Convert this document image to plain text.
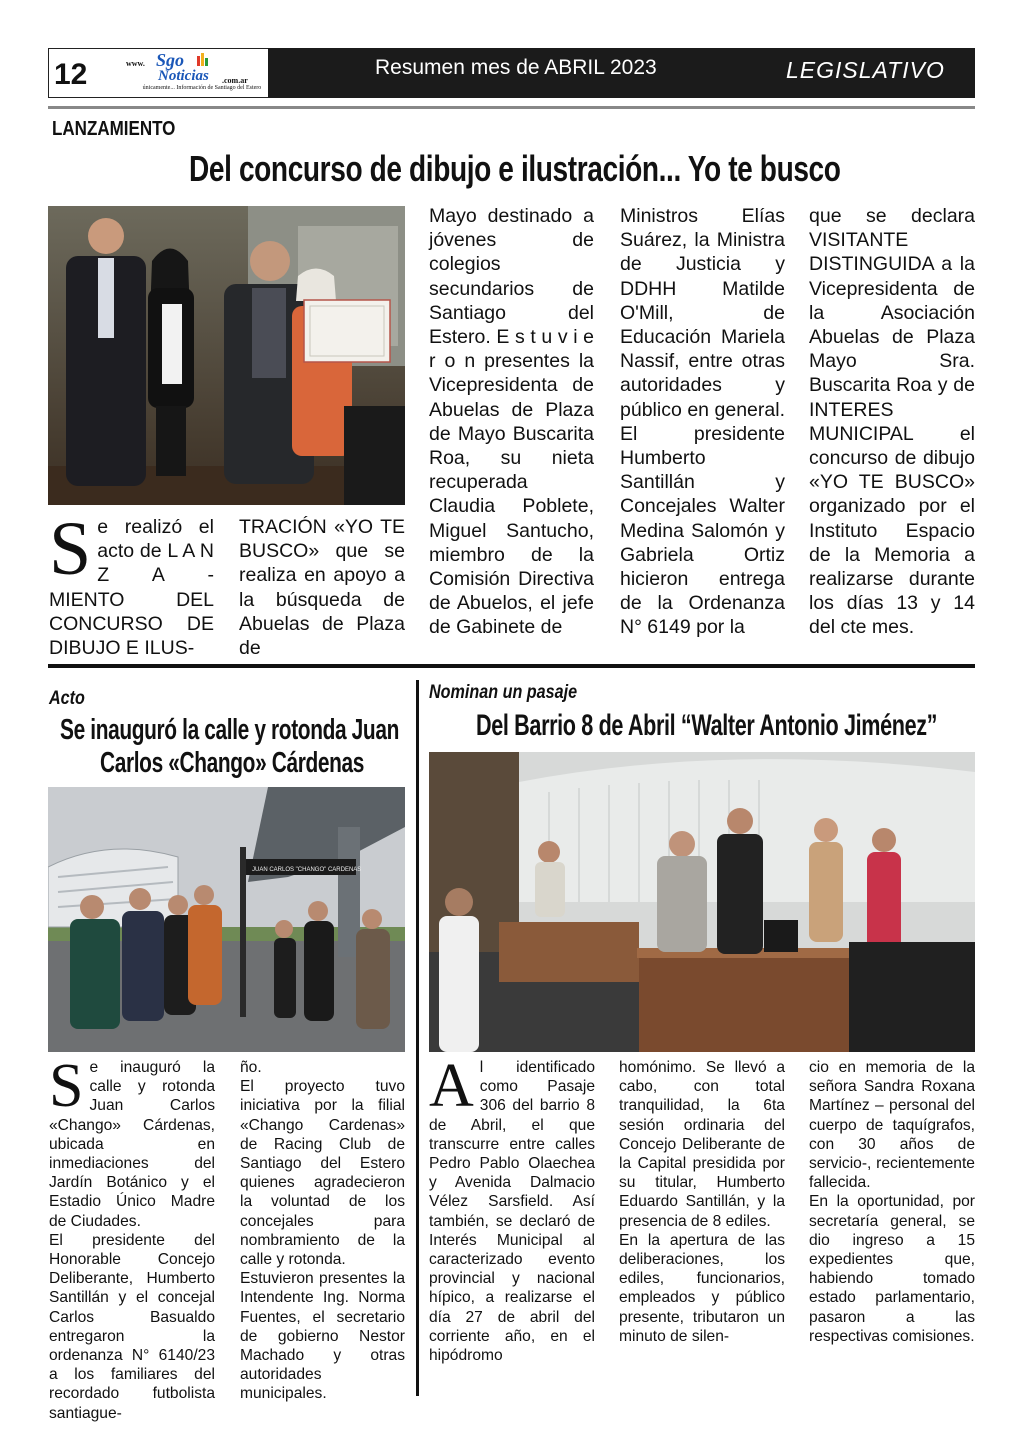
12	www. Sgo
Noticias .com.ar
únicamente... Información de Santiago del Estero
Resumen mes de ABRIL 2023	LEGISLATIVO
LANZAMIENTO
Del concurso de dibujo e ilustración... Yo te busco
Se realizó el acto de L A N Z A - MIENTO DEL CONCURSO DE DIBUJO E ILUS-
TRACIÓN «YO TE BUSCO» que se realiza en apoyo a la búsqueda de Abuelas de Plaza de
Mayo destinado a jóvenes de colegios secundarios de Santiago del Estero. E s t u v i e r o n presentes la Vicepresidenta de Abuelas de Plaza de Mayo Buscarita Roa, su nieta recuperada Claudia Poblete, Miguel Santucho, miembro de la Comisión Directiva de Abuelos, el jefe de Gabinete de
Ministros Elías Suárez, la Ministra de Justicia y DDHH Matilde O'Mill, de Educación Mariela Nassif, entre otras autoridades y público en general. El presidente Humberto Santillán y Concejales Walter Medina Salomón y Gabriela Ortiz hicieron entrega de la Ordenanza N° 6149 por la
que se declara VISITANTE DISTINGUIDA a la Vicepresidenta de la Asociación Abuelas de Plaza Mayo Sra. Buscarita Roa y de INTERES MUNICIPAL el concurso de dibujo «YO TE BUSCO» organizado por el Instituto Espacio de la Memoria a realizarse durante los días 13 y 14 del cte mes.
Acto
Se inauguró la calle y rotonda Juan
Carlos «Chango» Cárdenas
JUAN CARLOS "CHANGO" CARDENAS
Se inauguró la calle y rotonda Juan Carlos «Chango» Cárdenas, ubicada en inmediaciones del Jardín Botánico y el Estadio Único Madre de Ciudades.
El presidente del Honorable Concejo Deliberante, Humberto Santillán y el concejal Carlos Basualdo entregaron la ordenanza N° 6140/23 a los familiares del recordado futbolista santiague-
ño.
El proyecto tuvo iniciativa por la filial «Chango Cardenas» de Racing Club de Santiago del Estero quienes agradecieron la voluntad de los concejales para nombramiento de la calle y rotonda.
Estuvieron presentes la Intendente Ing. Norma Fuentes, el secretario de gobierno Nestor Machado y otras autoridades municipales.
Nominan un pasaje
Del Barrio 8 de Abril “Walter Antonio Jiménez”
Al identificado como Pasaje 306 del barrio 8 de Abril, el que transcurre entre calles Pedro Pablo Olaechea y Avenida Dalmacio Vélez Sarsfield. Así también, se declaró de Interés Municipal al caracterizado evento provincial y nacional hípico, a realizarse el día 27 de abril del corriente año, en el hipódromo
homónimo. Se llevó a cabo, con total tranquilidad, la 6ta sesión ordinaria del Concejo Deliberante de la Capital presidida por su titular, Humberto Eduardo Santillán, y la presencia de 8 ediles.
En la apertura de las deliberaciones, los ediles, funcionarios, empleados y público presente, tributaron un minuto de silen-
cio en memoria de la señora Sandra Roxana Martínez – personal del cuerpo de taquígrafos, con 30 años de servicio-, recientemente fallecida.
En la oportunidad, por secretaría general, se dio ingreso a 15 expedientes que, habiendo tomado estado parlamentario, pasaron a las respectivas comisiones.
